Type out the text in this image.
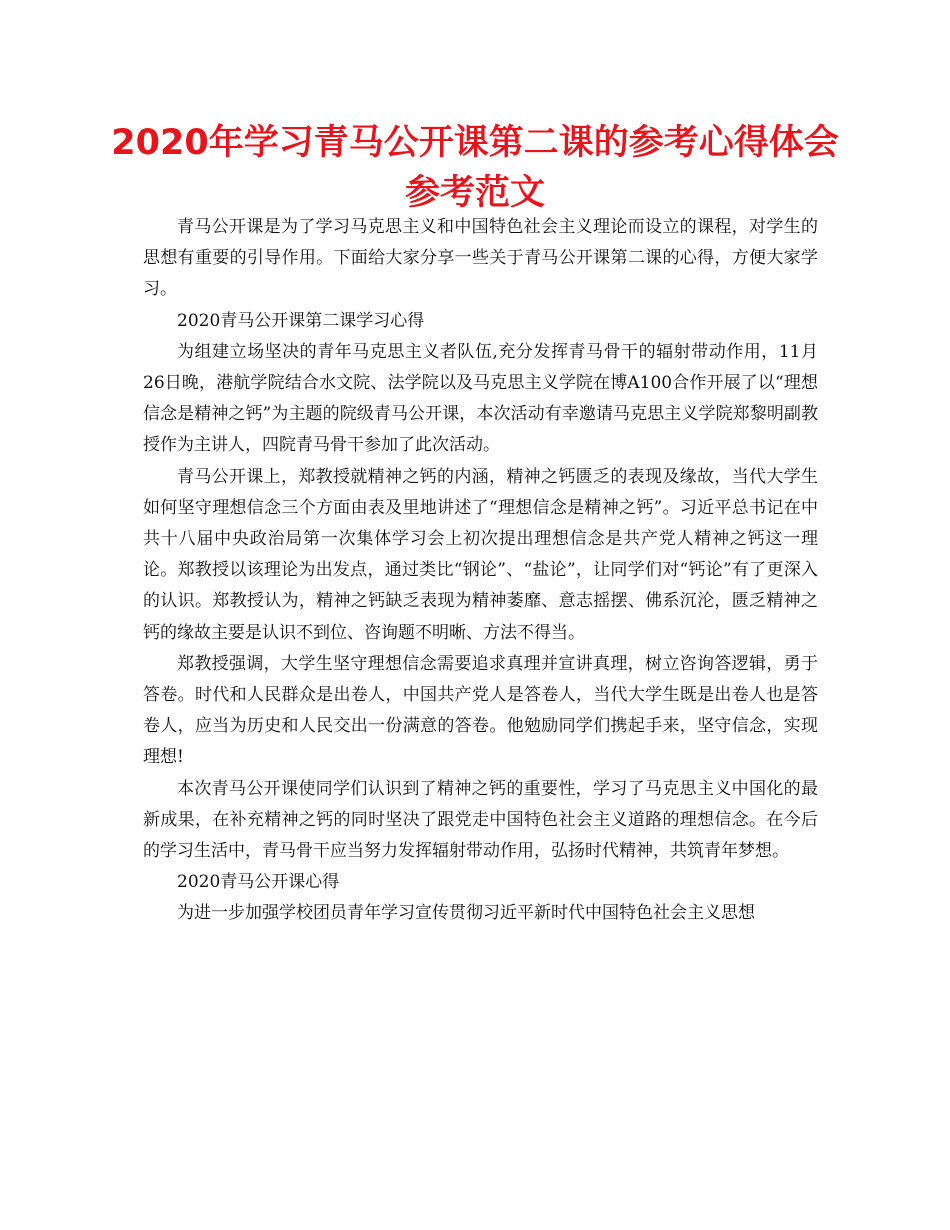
2020年学习青马公开课第二课的参考心得体会参考范文

青马公开课是为了学习马克思主义和中国特色社会主义理论而设立的课程，对学生的思想有重要的引导作用。下面给大家分享一些关于青马公开课第二课的心得，方便大家学习。

2020青马公开课第二课学习心得

为组建立场坚决的青年马克思主义者队伍,充分发挥青马骨干的辐射带动作用，11月26日晚，港航学院结合水文院、法学院以及马克思主义学院在博A100合作开展了以“理想信念是精神之钙”为主题的院级青马公开课，本次活动有幸邀请马克思主义学院郑黎明副教授作为主讲人，四院青马骨干参加了此次活动。

青马公开课上，郑教授就精神之钙的内涵，精神之钙匮乏的表现及缘故，当代大学生如何坚守理想信念三个方面由表及里地讲述了“理想信念是精神之钙”。习近平总书记在中共十八届中央政治局第一次集体学习会上初次提出理想信念是共产党人精神之钙这一理论。郑教授以该理论为出发点，通过类比“钢论”、“盐论”，让同学们对“钙论”有了更深入的认识。郑教授认为，精神之钙缺乏表现为精神萎靡、意志摇摆、佛系沉沦，匮乏精神之钙的缘故主要是认识不到位、咨询题不明晰、方法不得当。

郑教授强调，大学生坚守理想信念需要追求真理并宣讲真理，树立咨询答逻辑，勇于答卷。时代和人民群众是出卷人，中国共产党人是答卷人，当代大学生既是出卷人也是答卷人，应当为历史和人民交出一份满意的答卷。他勉励同学们携起手来，坚守信念，实现理想!

本次青马公开课使同学们认识到了精神之钙的重要性，学习了马克思主义中国化的最新成果，在补充精神之钙的同时坚决了跟党走中国特色社会主义道路的理想信念。在今后的学习生活中，青马骨干应当努力发挥辐射带动作用，弘扬时代精神，共筑青年梦想。

2020青马公开课心得

为进一步加强学校团员青年学习宣传贯彻习近平新时代中国特色社会主义思想
